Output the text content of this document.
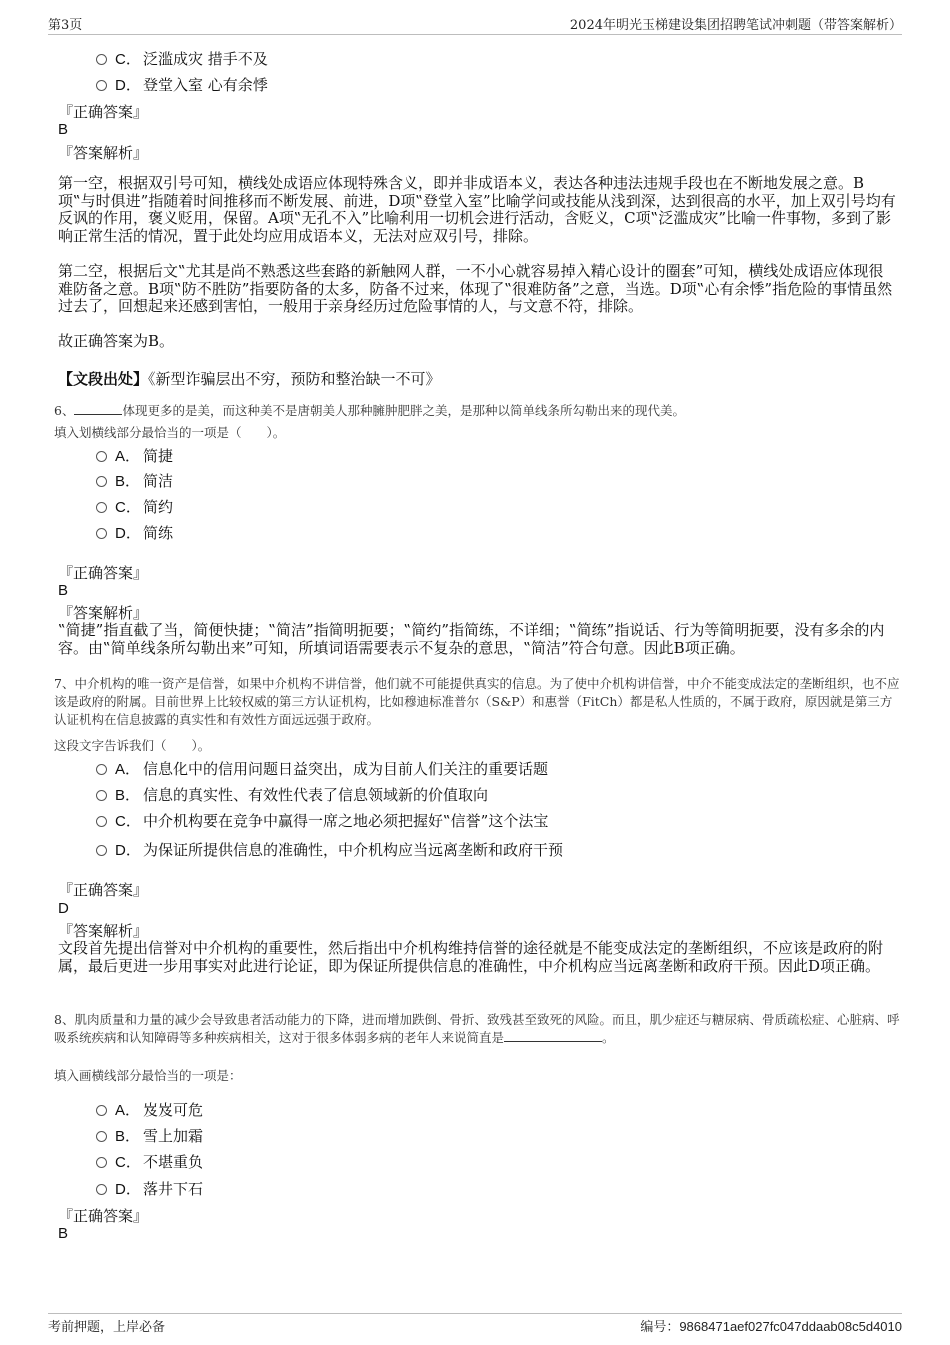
第3页	2024年明光玉梯建设集团招聘笔试冲刺题（带答案解析）
C． 泛滥成灾 措手不及
D． 登堂入室 心有余悸
『正确答案』
B
『答案解析』
第一空，根据双引号可知，横线处成语应体现特殊含义，即并非成语本义，表达各种违法违规手段也在不断地发展之意。B项‟与时俱进”指随着时间推移而不断发展、前进，D项‟登堂入室”比喻学问或技能从浅到深，达到很高的水平，加上双引号均有反讽的作用，褒义贬用，保留。A项‟无孔不入”比喻利用一切机会进行活动，含贬义，C项‟泛滥成灾”比喻一件事物，多到了影响正常生活的情况，置于此处均应用成语本义，无法对应双引号，排除。
第二空，根据后文‟尤其是尚不熟悉这些套路的新触网人群，一不小心就容易掉入精心设计的圈套”可知，横线处成语应体现很难防备之意。B项‟防不胜防”指要防备的太多，防备不过来，体现了‟很难防备”之意，当选。D项‟心有余悸”指危险的事情虽然过去了，回想起来还感到害怕，一般用于亲身经历过危险事情的人，与文意不符，排除。
故正确答案为B。
【文段出处】《新型诈骗层出不穷，预防和整治缺一不可》
6、	体现更多的是美，而这种美不是唐朝美人那种臃肿肥胖之美，是那种以简单线条所勾勒出来的现代美。
填入划横线部分最恰当的一项是（　　）。
A． 简捷
B． 简洁
C． 简约
D． 简练
『正确答案』
B
『答案解析』
‟简捷”指直截了当，简便快捷；‟简洁”指简明扼要；‟简约”指简练，不详细；‟简练”指说话、行为等简明扼要，没有多余的内容。由‟简单线条所勾勒出来”可知，所填词语需要表示不复杂的意思，‟简洁”符合句意。因此B项正确。
7、中介机构的唯一资产是信誉，如果中介机构不讲信誉，他们就不可能提供真实的信息。为了使中介机构讲信誉，中介不能变成法定的垄断组织，也不应该是政府的附属。目前世界上比较权威的第三方认证机构，比如穆迪标准普尔（S&P）和惠誉（FitCh）都是私人性质的，不属于政府，原因就是第三方认证机构在信息披露的真实性和有效性方面远远强于政府。
这段文字告诉我们（　　）。
A． 信息化中的信用问题日益突出，成为目前人们关注的重要话题
B． 信息的真实性、有效性代表了信息领域新的价值取向
C． 中介机构要在竞争中赢得一席之地必须把握好‟信誉”这个法宝
D． 为保证所提供信息的准确性，中介机构应当远离垄断和政府干预
『正确答案』
D
『答案解析』
文段首先提出信誉对中介机构的重要性，然后指出中介机构维持信誉的途径就是不能变成法定的垄断组织，不应该是政府的附属，最后更进一步用事实对此进行论证，即为保证所提供信息的准确性，中介机构应当远离垄断和政府干预。因此D项正确。
8、肌肉质量和力量的减少会导致患者活动能力的下降，进而增加跌倒、骨折、致残甚至致死的风险。而且，肌少症还与糖尿病、骨质疏松症、心脏病、呼吸系统疾病和认知障碍等多种疾病相关，这对于很多体弱多病的老年人来说简直是	。
填入画横线部分最恰当的一项是：
A． 岌岌可危
B． 雪上加霜
C． 不堪重负
D． 落井下石
『正确答案』
B
考前押题，上岸必备	编号：9868471aef027fc047ddaab08c5d4010
